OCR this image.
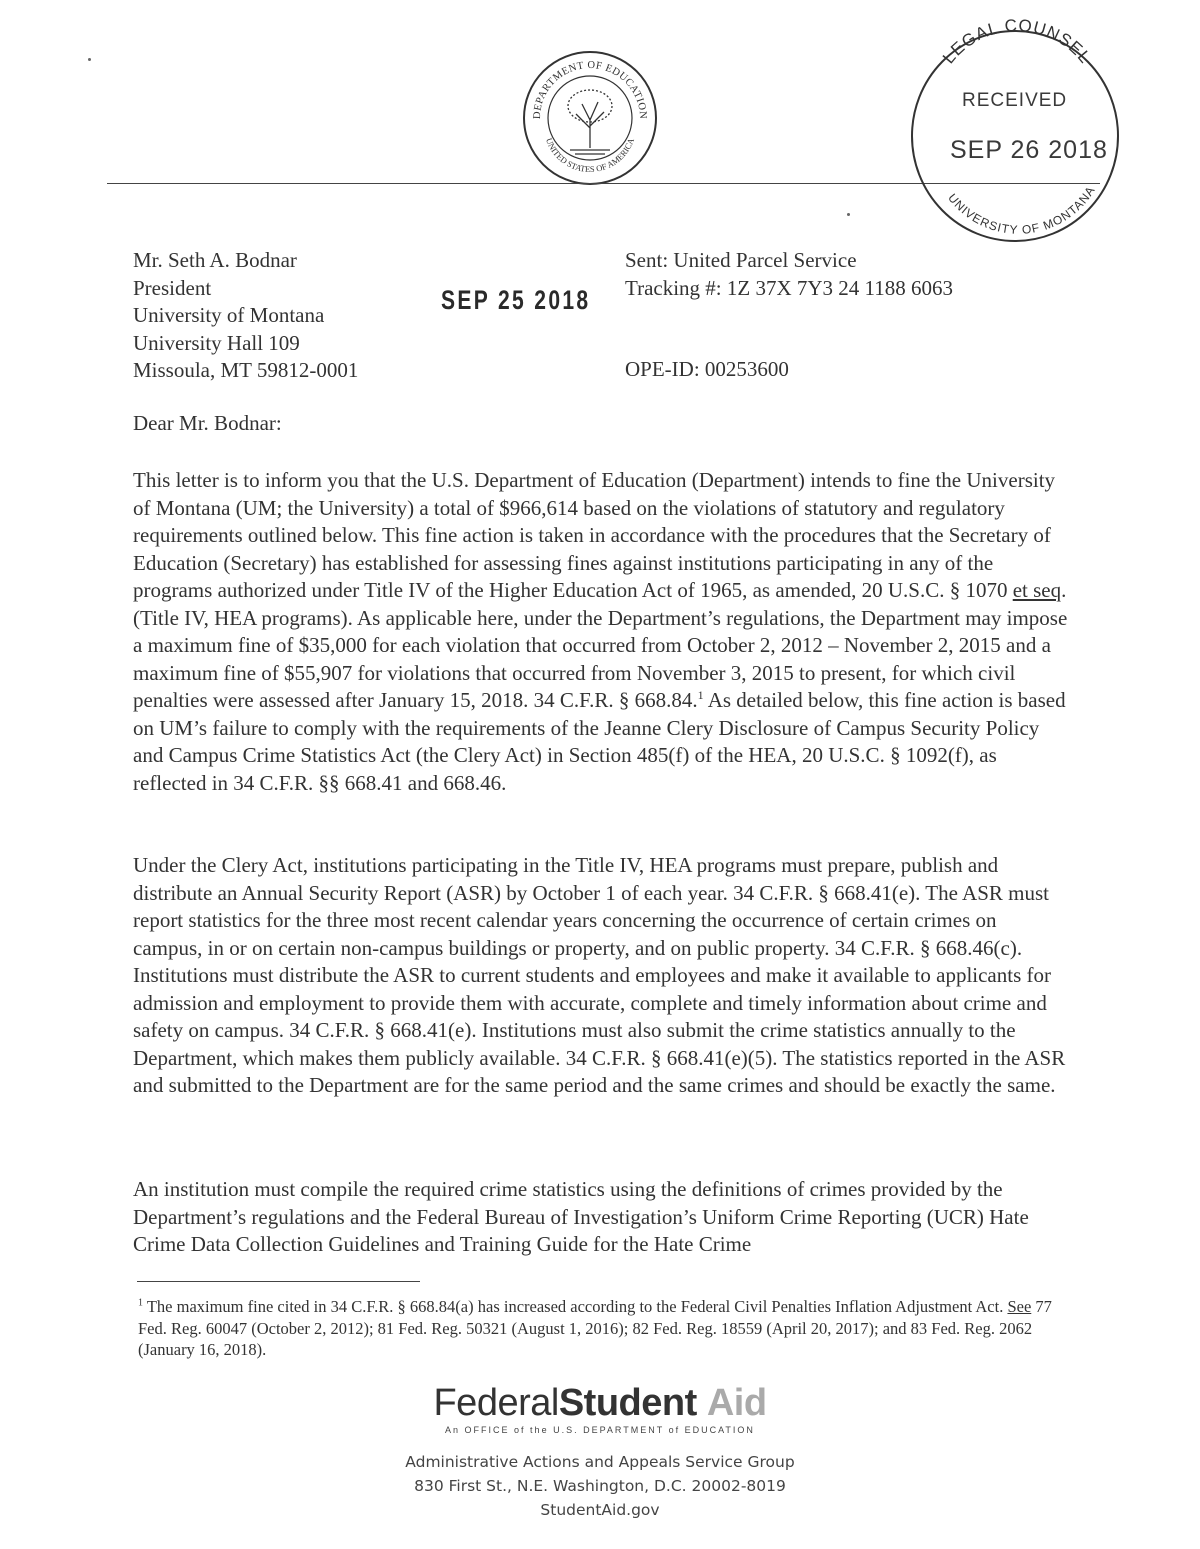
DEPARTMENT OF EDUCATION
UNITED STATES OF AMERICA
LEGAL COUNSEL
UNIVERSITY OF MONTANA
RECEIVED
SEP 26 2018
SEP 25 2018
Mr. Seth A. Bodnar
President
University of Montana
University Hall 109
Missoula, MT 59812-0001
Sent: United Parcel Service
Tracking #: 1Z 37X 7Y3 24 1188 6063
OPE-ID: 00253600
Dear Mr. Bodnar:
This letter is to inform you that the U.S. Department of Education (Department) intends to fine the University of Montana (UM; the University) a total of $966,614 based on the violations of statutory and regulatory requirements outlined below. This fine action is taken in accordance with the procedures that the Secretary of Education (Secretary) has established for assessing fines against institutions participating in any of the programs authorized under Title IV of the Higher Education Act of 1965, as amended, 20 U.S.C. § 1070 et seq. (Title IV, HEA programs). As applicable here, under the Department’s regulations, the Department may impose a maximum fine of $35,000 for each violation that occurred from October 2, 2012 – November 2, 2015 and a maximum fine of $55,907 for violations that occurred from November 3, 2015 to present, for which civil penalties were assessed after January 15, 2018. 34 C.F.R. § 668.84.$^1$ As detailed below, this fine action is based on UM’s failure to comply with the requirements of the Jeanne Clery Disclosure of Campus Security Policy and Campus Crime Statistics Act (the Clery Act) in Section 485(f) of the HEA, 20 U.S.C. § 1092(f), as reflected in 34 C.F.R. §§ 668.41 and 668.46.
Under the Clery Act, institutions participating in the Title IV, HEA programs must prepare, publish and distribute an Annual Security Report (ASR) by October 1 of each year. 34 C.F.R. § 668.41(e). The ASR must report statistics for the three most recent calendar years concerning the occurrence of certain crimes on campus, in or on certain non-campus buildings or property, and on public property. 34 C.F.R. § 668.46(c). Institutions must distribute the ASR to current students and employees and make it available to applicants for admission and employment to provide them with accurate, complete and timely information about crime and safety on campus. 34 C.F.R. § 668.41(e). Institutions must also submit the crime statistics annually to the Department, which makes them publicly available. 34 C.F.R. § 668.41(e)(5). The statistics reported in the ASR and submitted to the Department are for the same period and the same crimes and should be exactly the same.
An institution must compile the required crime statistics using the definitions of crimes provided by the Department’s regulations and the Federal Bureau of Investigation’s Uniform Crime Reporting (UCR) Hate Crime Data Collection Guidelines and Training Guide for the Hate Crime
$^1$ The maximum fine cited in 34 C.F.R. § 668.84(a) has increased according to the Federal Civil Penalties Inflation Adjustment Act. See 77 Fed. Reg. 60047 (October 2, 2012); 81 Fed. Reg. 50321 (August 1, 2016); 82 Fed. Reg. 18559 (April 20, 2017); and 83 Fed. Reg. 2062 (January 16, 2018).
FederalStudent Aid
An OFFICE of the U.S. DEPARTMENT of EDUCATION
Administrative Actions and Appeals Service Group
830 First St., N.E. Washington, D.C. 20002-8019
StudentAid.gov
